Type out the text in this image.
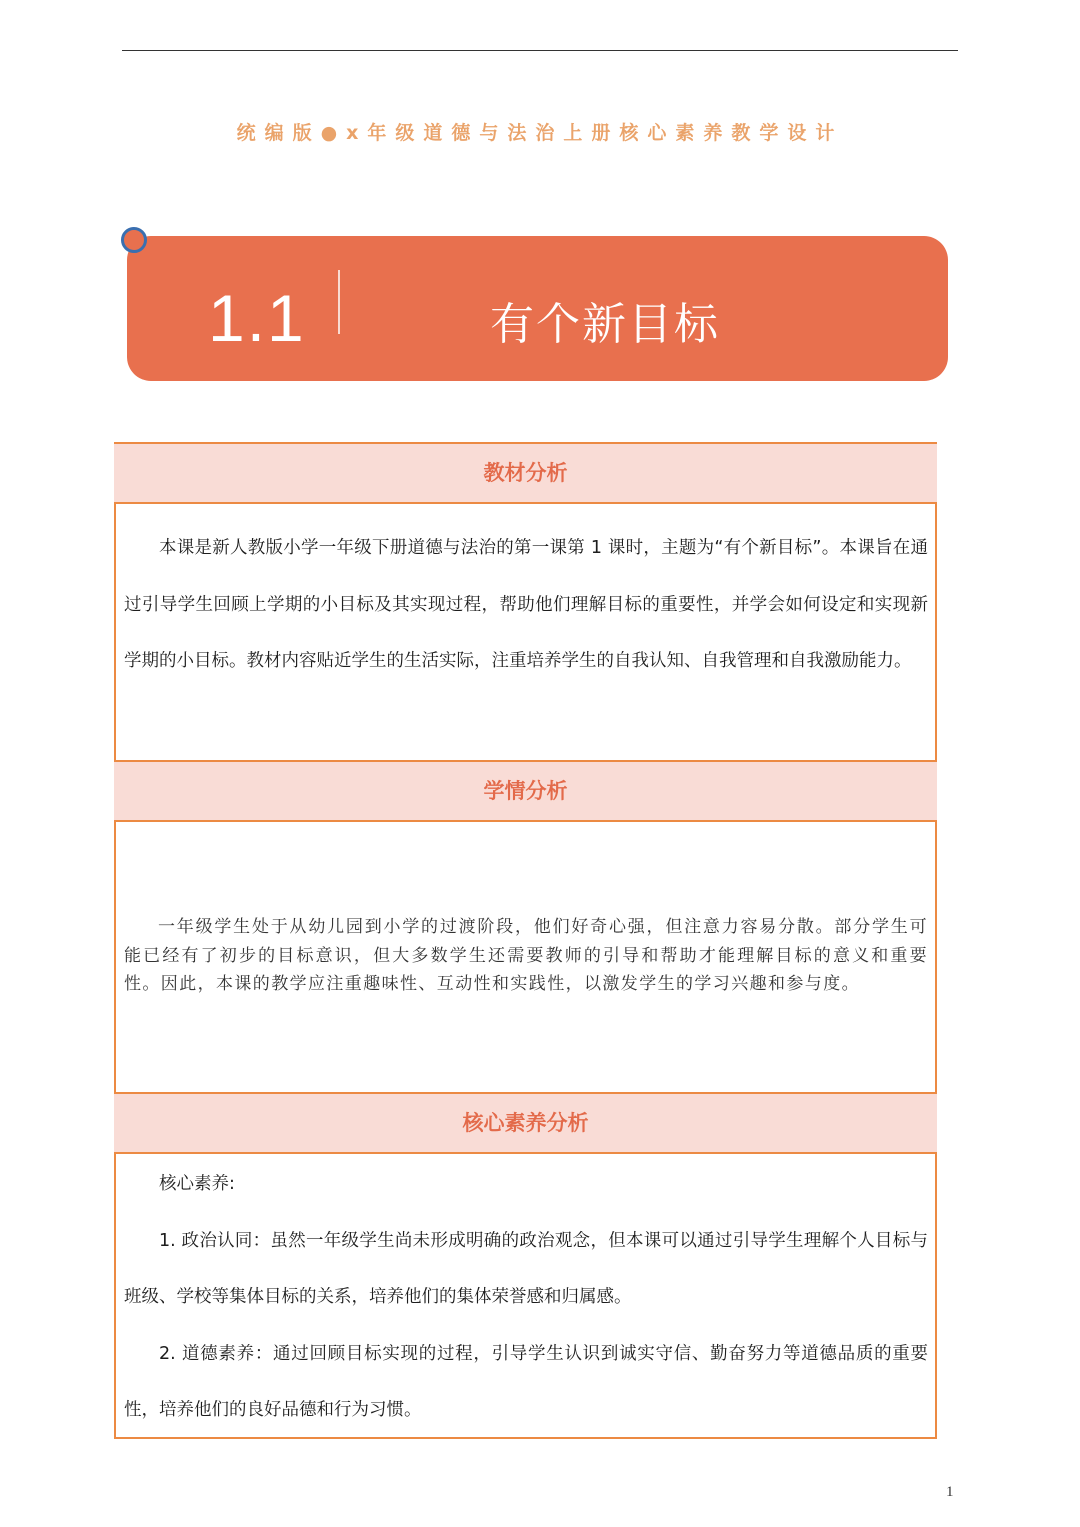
统编版●x年级道德与法治上册核心素养教学设计
1.1	有个新目标
教材分析

本课是新人教版小学一年级下册道德与法治的第一课第 1 课时，主题为“有个新目标”。本课旨在通过引导学生回顾上学期的小目标及其实现过程，帮助他们理解目标的重要性，并学会如何设定和实现新学期的小目标。教材内容贴近学生的生活实际，注重培养学生的自我认知、自我管理和自我激励能力。

学情分析

一年级学生处于从幼儿园到小学的过渡阶段，他们好奇心强，但注意力容易分散。部分学生可能已经有了初步的目标意识，但大多数学生还需要教师的引导和帮助才能理解目标的意义和重要性。因此，本课的教学应注重趣味性、互动性和实践性，以激发学生的学习兴趣和参与度。

核心素养分析

核心素养:

1. 政治认同：虽然一年级学生尚未形成明确的政治观念，但本课可以通过引导学生理解个人目标与班级、学校等集体目标的关系，培养他们的集体荣誉感和归属感。

2. 道德素养：通过回顾目标实现的过程，引导学生认识到诚实守信、勤奋努力等道德品质的重要性，培养他们的良好品德和行为习惯。

1
